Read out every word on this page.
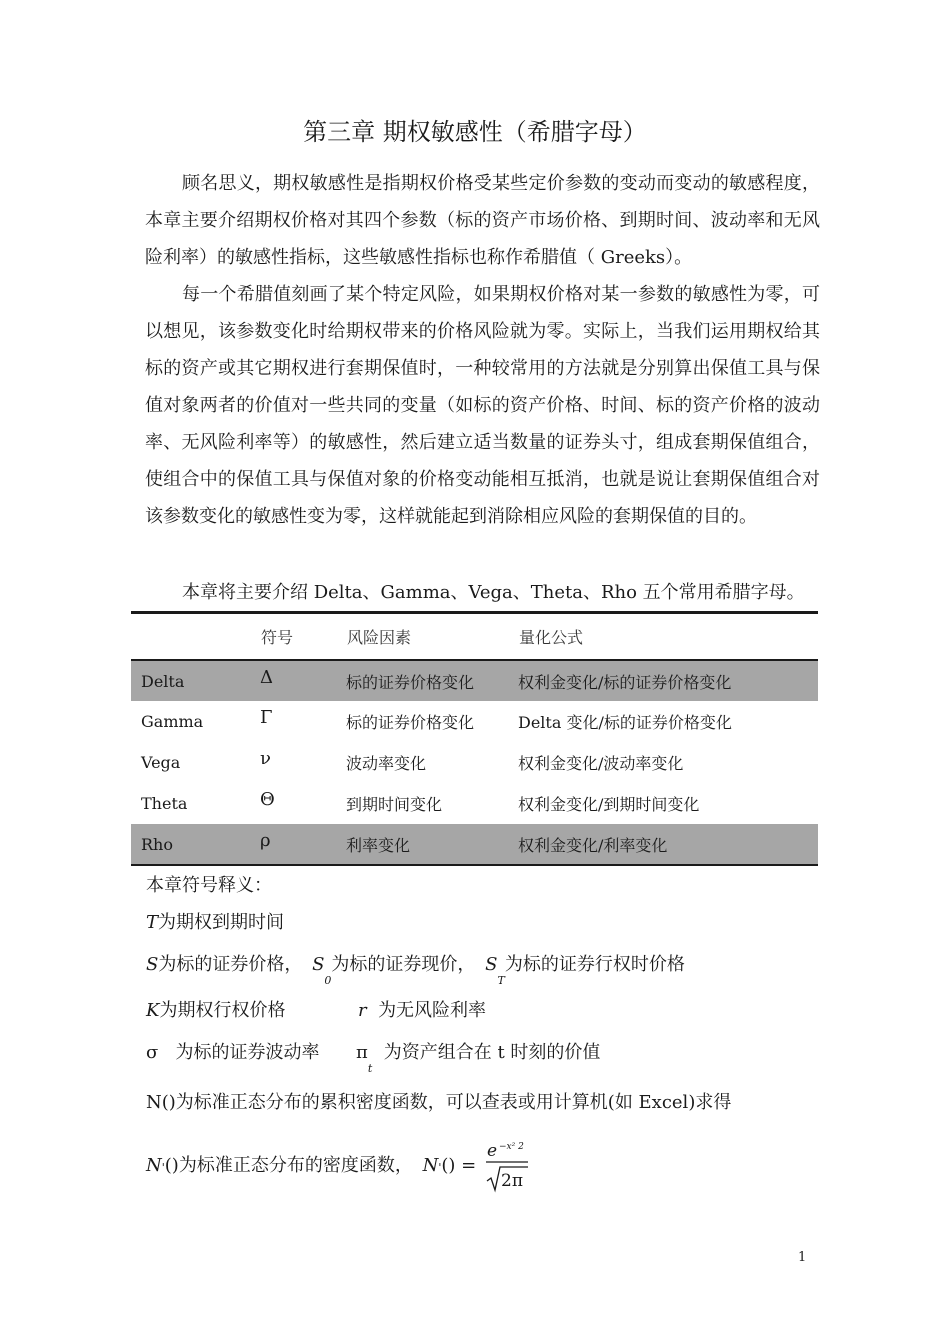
第三章 期权敏感性（希腊字母）

顾名思义，期权敏感性是指期权价格受某些定价参数的变动而变动的敏感程度，本章主要介绍期权价格对其四个参数（标的资产市场价格、到期时间、波动率和无风险利率）的敏感性指标，这些敏感性指标也称作希腊值（ Greeks）。

每一个希腊值刻画了某个特定风险，如果期权价格对某一参数的敏感性为零，可以想见，该参数变化时给期权带来的价格风险就为零。实际上，当我们运用期权给其标的资产或其它期权进行套期保值时，一种较常用的方法就是分别算出保值工具与保值对象两者的价值对一些共同的变量（如标的资产价格、时间、标的资产价格的波动率、无风险利率等）的敏感性，然后建立适当数量的证券头寸，组成套期保值组合，使组合中的保值工具与保值对象的价格变动能相互抵消，也就是说让套期保值组合对该参数变化的敏感性变为零，这样就能起到消除相应风险的套期保值的目的。

本章将主要介绍 Delta、Gamma、Vega、Theta、Rho 五个常用希腊字母。

	符号	风险因素	量化公式
Delta	Δ	标的证券价格变化	权利金变化/标的证券价格变化
Gamma	Γ	标的证券价格变化	Delta 变化/标的证券价格变化
Vega	ν	波动率变化	权利金变化/波动率变化
Theta	Θ	到期时间变化	权利金变化/到期时间变化
Rho	ρ	利率变化	权利金变化/利率变化
本章符号释义：
T为期权到期时间
S为标的证券价格， $S_0$为标的证券现价， $S_T$为标的证券行权时价格
K为期权行权价格	r 为无风险利率
σ 为标的证券波动率 $\pi_t$  为资产组合在 t 时刻的价值
N()为标准正态分布的累积密度函数，可以查表或用计算机(如 Excel)求得
N'()为标准正态分布的密度函数， N'() =
e −x² 2
2π
1
